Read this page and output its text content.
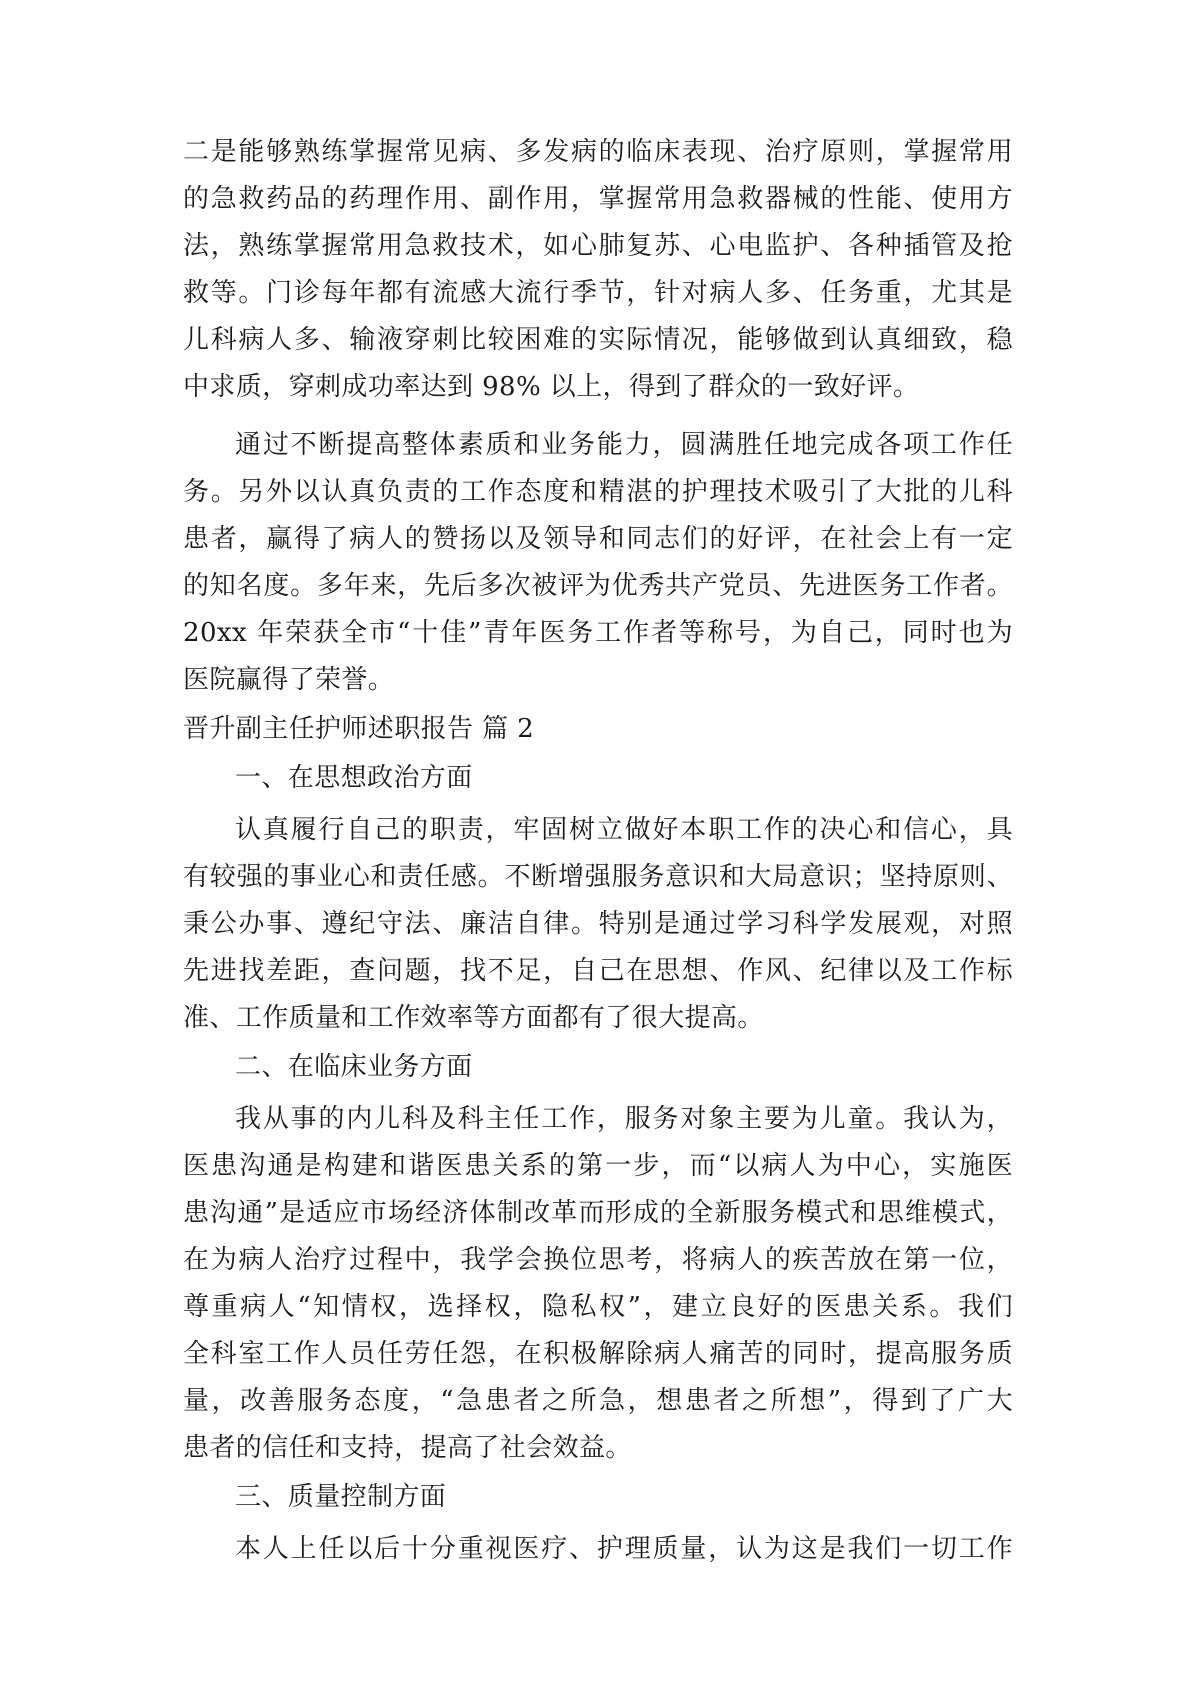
二是能够熟练掌握常见病、多发病的临床表现、治疗原则，掌握常用
的急救药品的药理作用、副作用，掌握常用急救器械的性能、使用方
法，熟练掌握常用急救技术，如心肺复苏、心电监护、各种插管及抢
救等。门诊每年都有流感大流行季节，针对病人多、任务重，尤其是
儿科病人多、输液穿刺比较困难的实际情况，能够做到认真细致，稳
中求质，穿刺成功率达到 98% 以上，得到了群众的一致好评。
通过不断提高整体素质和业务能力，圆满胜任地完成各项工作任
务。另外以认真负责的工作态度和精湛的护理技术吸引了大批的儿科
患者，赢得了病人的赞扬以及领导和同志们的好评，在社会上有一定
的知名度。多年来，先后多次被评为优秀共产党员、先进医务工作者。
20xx 年荣获全市“十佳”青年医务工作者等称号，为自己，同时也为
医院赢得了荣誉。
晋升副主任护师述职报告 篇 2
一、在思想政治方面
认真履行自己的职责，牢固树立做好本职工作的决心和信心，具
有较强的事业心和责任感。不断增强服务意识和大局意识；坚持原则、
秉公办事、遵纪守法、廉洁自律。特别是通过学习科学发展观，对照
先进找差距，查问题，找不足，自己在思想、作风、纪律以及工作标
准、工作质量和工作效率等方面都有了很大提高。
二、在临床业务方面
我从事的内儿科及科主任工作，服务对象主要为儿童。我认为，
医患沟通是构建和谐医患关系的第一步，而“以病人为中心，实施医
患沟通”是适应市场经济体制改革而形成的全新服务模式和思维模式，
在为病人治疗过程中，我学会换位思考，将病人的疾苦放在第一位，
尊重病人“知情权，选择权，隐私权”，建立良好的医患关系。我们
全科室工作人员任劳任怨，在积极解除病人痛苦的同时，提高服务质
量，改善服务态度，“急患者之所急，想患者之所想”，得到了广大
患者的信任和支持，提高了社会效益。
三、质量控制方面
本人上任以后十分重视医疗、护理质量，认为这是我们一切工作
